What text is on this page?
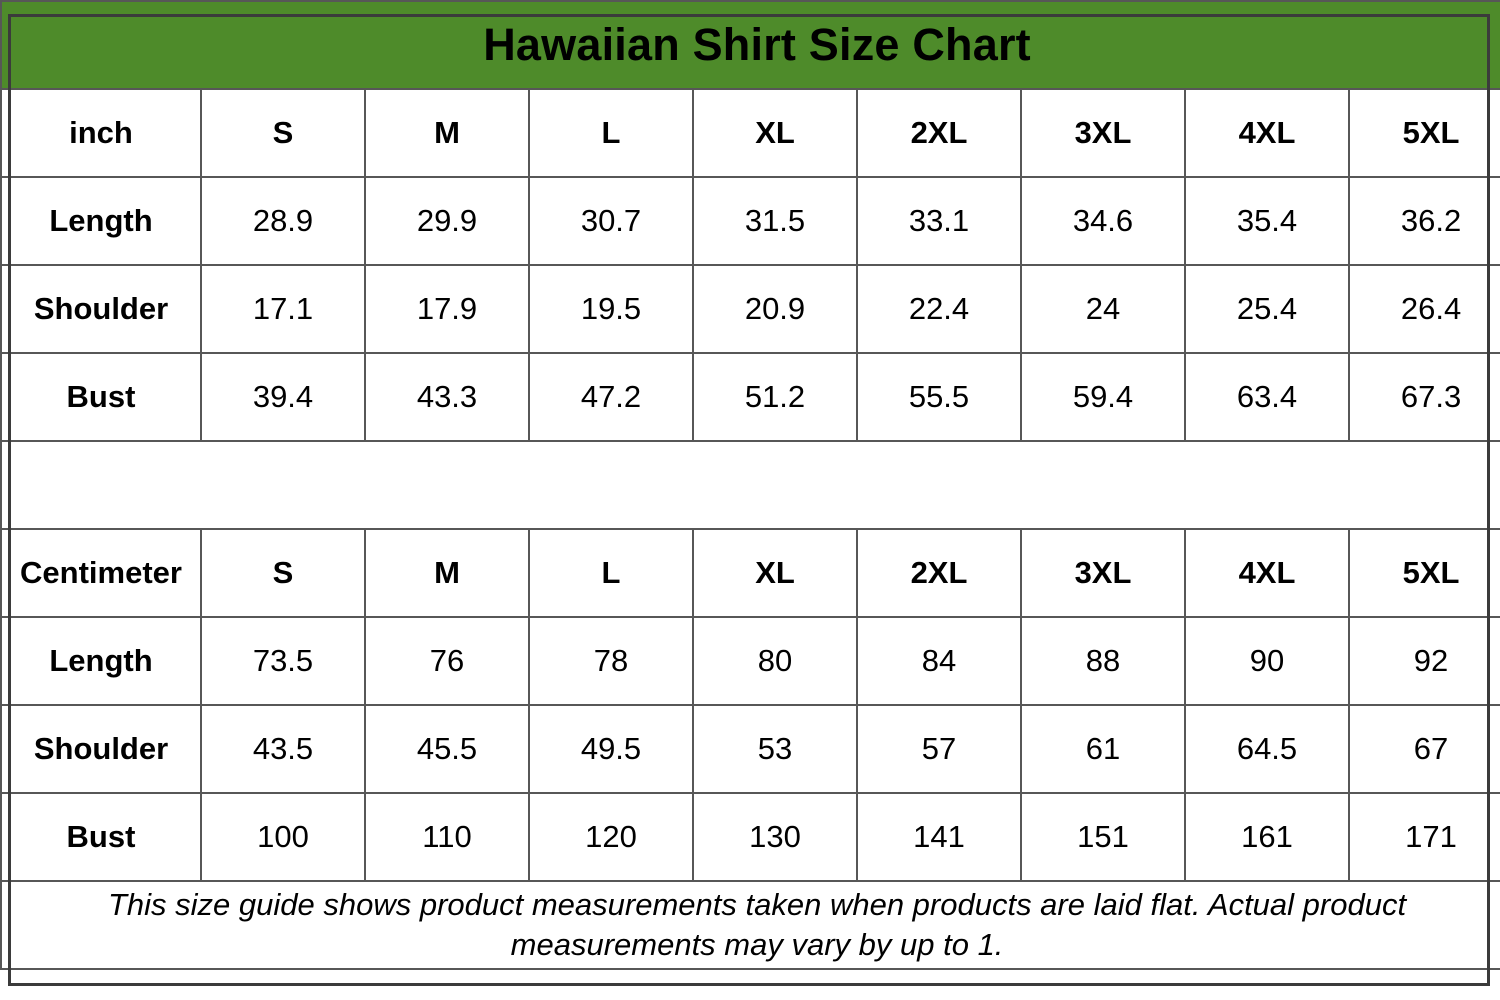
Hawaiian Shirt Size Chart								
inch	S	M	L	XL	2XL	3XL	4XL	5XL
Length	28.9	29.9	30.7	31.5	33.1	34.6	35.4	36.2
Shoulder	17.1	17.9	19.5	20.9	22.4	24	25.4	26.4
Bust	39.4	43.3	47.2	51.2	55.5	59.4	63.4	67.3

Centimeter	S	M	L	XL	2XL	3XL	4XL	5XL
Length	73.5	76	78	80	84	88	90	92
Shoulder	43.5	45.5	49.5	53	57	61	64.5	67
Bust	100	110	120	130	141	151	161	171
This size guide shows product measurements taken when products are laid flat. Actual product measurements may vary by up to 1.								
